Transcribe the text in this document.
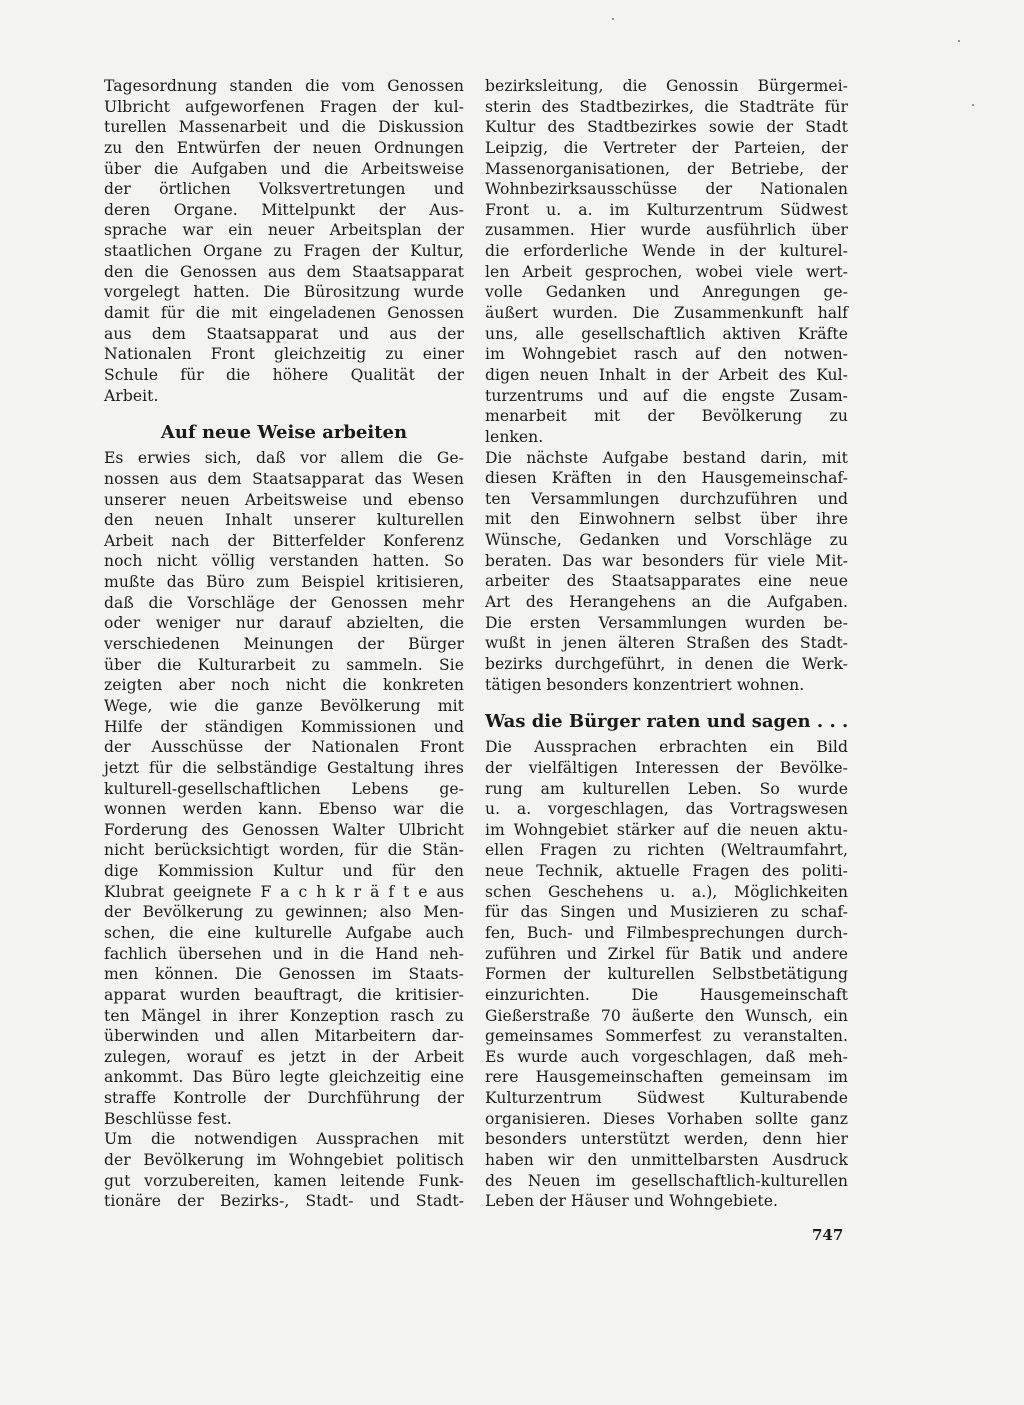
Tagesordnung standen die vom Genossen
Ulbricht aufgeworfenen Fragen der kul-
turellen Massenarbeit und die Diskussion
zu den Entwürfen der neuen Ordnungen
über die Aufgaben und die Arbeitsweise
der örtlichen Volksvertretungen und
deren Organe. Mittelpunkt der Aus-
sprache war ein neuer Arbeitsplan der
staatlichen Organe zu Fragen der Kultur,
den die Genossen aus dem Staatsapparat
vorgelegt hatten. Die Bürositzung wurde
damit für die mit eingeladenen Genossen
aus dem Staatsapparat und aus der
Nationalen Front gleichzeitig zu einer
Schule für die höhere Qualität der
Arbeit.
Auf neue Weise arbeiten
Es erwies sich, daß vor allem die Ge-
nossen aus dem Staatsapparat das Wesen
unserer neuen Arbeitsweise und ebenso
den neuen Inhalt unserer kulturellen
Arbeit nach der Bitterfelder Konferenz
noch nicht völlig verstanden hatten. So
mußte das Büro zum Beispiel kritisieren,
daß die Vorschläge der Genossen mehr
oder weniger nur darauf abzielten, die
verschiedenen Meinungen der Bürger
über die Kulturarbeit zu sammeln. Sie
zeigten aber noch nicht die konkreten
Wege, wie die ganze Bevölkerung mit
Hilfe der ständigen Kommissionen und
der Ausschüsse der Nationalen Front
jetzt für die selbständige Gestaltung ihres
kulturell-gesellschaftlichen Lebens ge-
wonnen werden kann. Ebenso war die
Forderung des Genossen Walter Ulbricht
nicht berücksichtigt worden, für die Stän-
dige Kommission Kultur und für den
Klubrat geeignete F a c h k r ä f t e aus
der Bevölkerung zu gewinnen; also Men-
schen, die eine kulturelle Aufgabe auch
fachlich übersehen und in die Hand neh-
men können. Die Genossen im Staats-
apparat wurden beauftragt, die kritisier-
ten Mängel in ihrer Konzeption rasch zu
überwinden und allen Mitarbeitern dar-
zulegen, worauf es jetzt in der Arbeit
ankommt. Das Büro legte gleichzeitig eine
straffe Kontrolle der Durchführung der
Beschlüsse fest.
Um die notwendigen Aussprachen mit
der Bevölkerung im Wohngebiet politisch
gut vorzubereiten, kamen leitende Funk-
tionäre der Bezirks-, Stadt- und Stadt-
bezirksleitung, die Genossin Bürgermei-
sterin des Stadtbezirkes, die Stadträte für
Kultur des Stadtbezirkes sowie der Stadt
Leipzig, die Vertreter der Parteien, der
Massenorganisationen, der Betriebe, der
Wohnbezirksausschüsse der Nationalen
Front u. a. im Kulturzentrum Südwest
zusammen. Hier wurde ausführlich über
die erforderliche Wende in der kulturel-
len Arbeit gesprochen, wobei viele wert-
volle Gedanken und Anregungen ge-
äußert wurden. Die Zusammenkunft half
uns, alle gesellschaftlich aktiven Kräfte
im Wohngebiet rasch auf den notwen-
digen neuen Inhalt in der Arbeit des Kul-
turzentrums und auf die engste Zusam-
menarbeit mit der Bevölkerung zu
lenken.
Die nächste Aufgabe bestand darin, mit
diesen Kräften in den Hausgemeinschaf-
ten Versammlungen durchzuführen und
mit den Einwohnern selbst über ihre
Wünsche, Gedanken und Vorschläge zu
beraten. Das war besonders für viele Mit-
arbeiter des Staatsapparates eine neue
Art des Herangehens an die Aufgaben.
Die ersten Versammlungen wurden be-
wußt in jenen älteren Straßen des Stadt-
bezirks durchgeführt, in denen die Werk-
tätigen besonders konzentriert wohnen.
Was die Bürger raten und sagen . . .
Die Aussprachen erbrachten ein Bild
der vielfältigen Interessen der Bevölke-
rung am kulturellen Leben. So wurde
u. a. vorgeschlagen, das Vortragswesen
im Wohngebiet stärker auf die neuen aktu-
ellen Fragen zu richten (Weltraumfahrt,
neue Technik, aktuelle Fragen des politi-
schen Geschehens u. a.), Möglichkeiten
für das Singen und Musizieren zu schaf-
fen, Buch- und Filmbesprechungen durch-
zuführen und Zirkel für Batik und andere
Formen der kulturellen Selbstbetätigung
einzurichten. Die Hausgemeinschaft
Gießerstraße 70 äußerte den Wunsch, ein
gemeinsames Sommerfest zu veranstalten.
Es wurde auch vorgeschlagen, daß meh-
rere Hausgemeinschaften gemeinsam im
Kulturzentrum Südwest Kulturabende
organisieren. Dieses Vorhaben sollte ganz
besonders unterstützt werden, denn hier
haben wir den unmittelbarsten Ausdruck
des Neuen im gesellschaftlich-kulturellen
Leben der Häuser und Wohngebiete.
747
